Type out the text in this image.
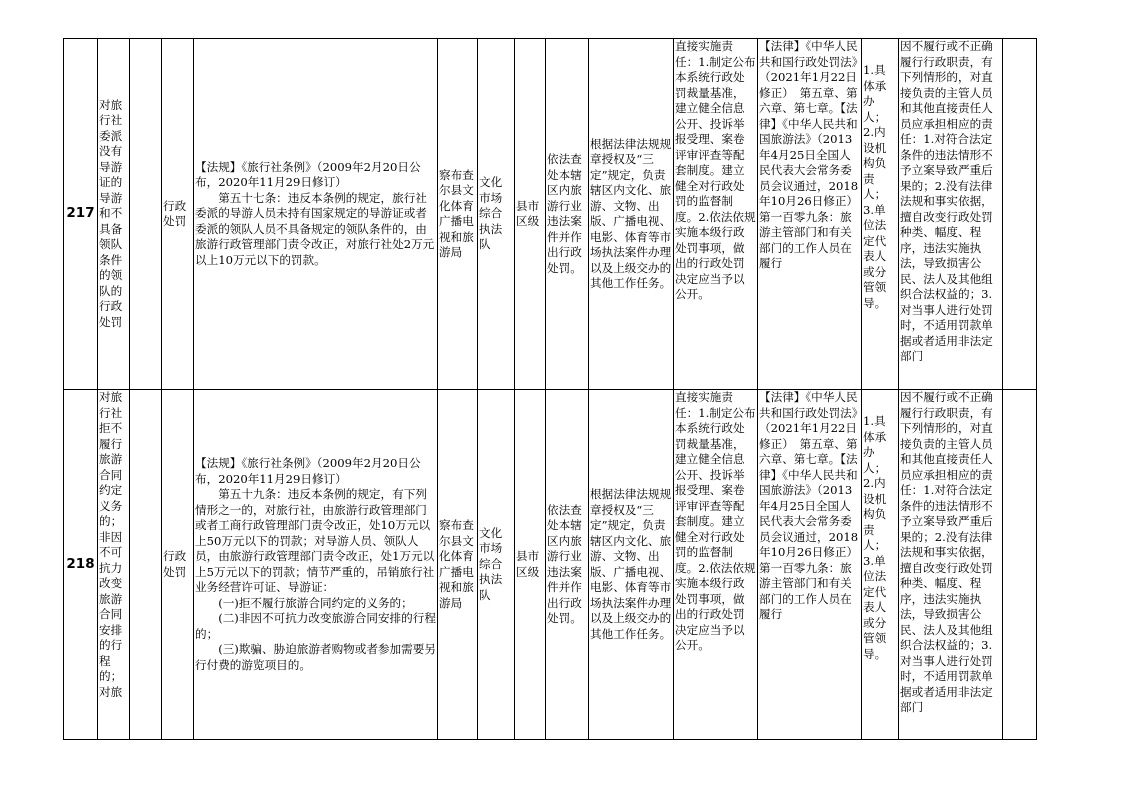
217	对旅行社委派没有导游证的导游和不具备领队条件的领队的行政处罚		行政处罚	【法规】《旅行社条例》（2009年2月20日公布，2020年11月29日修订）

第五十七条：违反本条例的规定，旅行社委派的导游人员未持有国家规定的导游证或者委派的领队人员不具备规定的领队条件的，由旅游行政管理部门责令改正，对旅行社处2万元以上10万元以下的罚款。	察布查尔县文化体育广播电视和旅游局	文化市场综合执法队	县市区级	依法查处本辖区内旅游行业违法案件并作出行政处罚。	根据法律法规规章授权及“三定”规定，负责辖区内文化、旅游、文物、出版、广播电视、电影、体育等市场执法案件办理以及上级交办的其他工作任务。	直接实施责任：1.制定公布本系统行政处罚裁量基准，建立健全信息公开、投诉举报受理、案卷评审评查等配套制度。建立健全对行政处罚的监督制度。2.依法依规实施本级行政处罚事项，做出的行政处罚决定应当予以公开。	【法律】《中华人民共和国行政处罚法》（2021年1月22日修正）　第五章、第六章、第七章。【法律】《中华人民共和国旅游法》（2013年4月25日全国人民代表大会常务委员会议通过，2018年10月26日修正）　第一百零九条：旅游主管部门和有关部门的工作人员在履行	1.具体承办人；2.内设机构负责人；3.单位法定代表人或分管领导。	因不履行或不正确履行行政职责，有下列情形的，对直接负责的主管人员和其他直接责任人员应承担相应的责任：1.对符合法定条件的违法情形不予立案导致严重后果的；2.没有法律法规和事实依据，擅自改变行政处罚种类、幅度、程序，违法实施执法，导致损害公民、法人及其他组织合法权益的；3.对当事人进行处罚时，不适用罚款单据或者适用非法定部门	
218	对旅行社拒不履行旅游合同约定义务的；非因不可抗力改变旅游合同安排的行程的；对旅		行政处罚	【法规】《旅行社条例》（2009年2月20日公布，2020年11月29日修订）

第五十九条：违反本条例的规定，有下列情形之一的，对旅行社，由旅游行政管理部门或者工商行政管理部门责令改正，处10万元以上50万元以下的罚款；对导游人员、领队人员，由旅游行政管理部门责令改正，处1万元以上5万元以下的罚款；情节严重的，吊销旅行社业务经营许可证、导游证：

(一)拒不履行旅游合同约定的义务的；

(二)非因不可抗力改变旅游合同安排的行程的；

(三)欺骗、胁迫旅游者购物或者参加需要另行付费的游览项目的。	察布查尔县文化体育广播电视和旅游局	文化市场综合执法队	县市区级	依法查处本辖区内旅游行业违法案件并作出行政处罚。	根据法律法规规章授权及“三定”规定，负责辖区内文化、旅游、文物、出版、广播电视、电影、体育等市场执法案件办理以及上级交办的其他工作任务。	直接实施责任：1.制定公布本系统行政处罚裁量基准，建立健全信息公开、投诉举报受理、案卷评审评查等配套制度。建立健全对行政处罚的监督制度。2.依法依规实施本级行政处罚事项，做出的行政处罚决定应当予以公开。	【法律】《中华人民共和国行政处罚法》（2021年1月22日修正）　第五章、第六章、第七章。【法律】《中华人民共和国旅游法》（2013年4月25日全国人民代表大会常务委员会议通过，2018年10月26日修正）　第一百零九条：旅游主管部门和有关部门的工作人员在履行	1.具体承办人；2.内设机构负责人；3.单位法定代表人或分管领导。	因不履行或不正确履行行政职责，有下列情形的，对直接负责的主管人员和其他直接责任人员应承担相应的责任：1.对符合法定条件的违法情形不予立案导致严重后果的；2.没有法律法规和事实依据，擅自改变行政处罚种类、幅度、程序，违法实施执法，导致损害公民、法人及其他组织合法权益的；3.对当事人进行处罚时，不适用罚款单据或者适用非法定部门	
